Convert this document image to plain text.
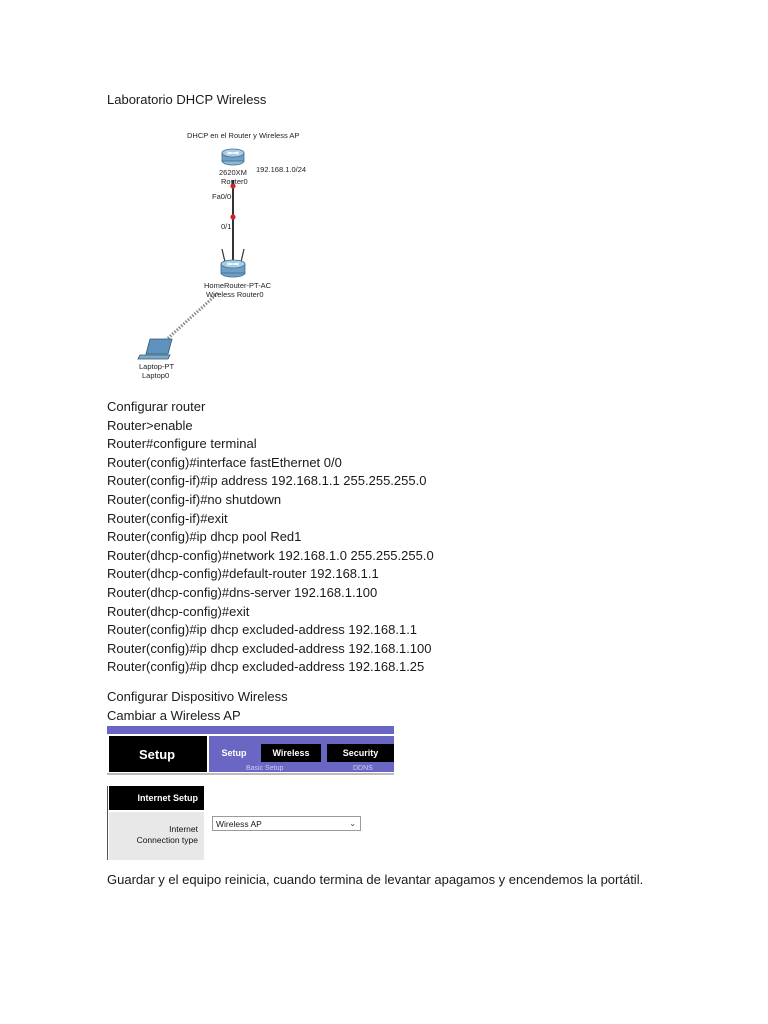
Laboratorio DHCP Wireless
DHCP en el Router y Wireless AP
2620XM
Router0
192.168.1.0/24
Fa0/0
0/1
HomeRouter-PT-AC
Wireless Router0
Laptop-PT
Laptop0
Configurar router
Router>enable
Router#configure terminal
Router(config)#interface fastEthernet 0/0
Router(config-if)#ip address 192.168.1.1 255.255.255.0
Router(config-if)#no shutdown
Router(config-if)#exit
Router(config)#ip dhcp pool Red1
Router(dhcp-config)#network 192.168.1.0 255.255.255.0
Router(dhcp-config)#default-router 192.168.1.1
Router(dhcp-config)#dns-server 192.168.1.100
Router(dhcp-config)#exit
Router(config)#ip dhcp excluded-address 192.168.1.1
Router(config)#ip dhcp excluded-address 192.168.1.100
Router(config)#ip dhcp excluded-address 192.168.1.25
Configurar Dispositivo Wireless
Cambiar a Wireless AP
Setup	Setup	Wireless	Security
Basic Setup	DDNS
Internet Setup
Internet
Connection type
Wireless AP	⌄
Guardar y el equipo reinicia, cuando termina de levantar apagamos y encendemos la portátil.
